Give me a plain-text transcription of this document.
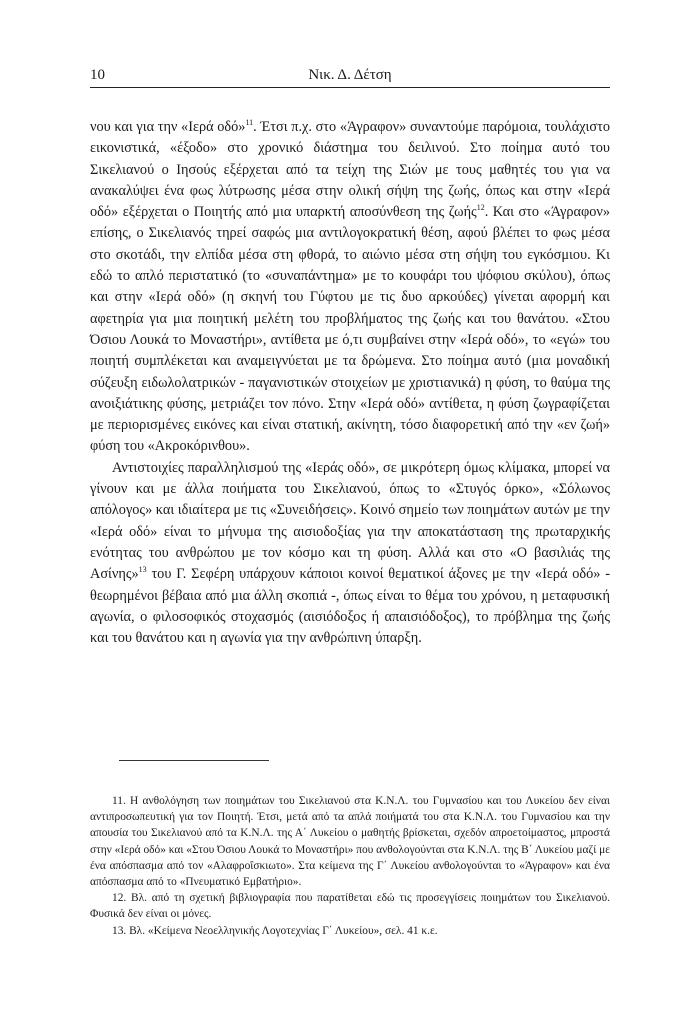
10	Νικ. Δ. Δέτση

νου και για την «Ιερά οδό»$^{11}$. Έτσι π.χ. στο «Άγραφον» συναντούμε παρόμοια, τουλάχιστο εικονιστικά, «έξοδο» στο χρονικό διάστημα του δειλινού. Στο ποίημα αυτό του Σικελιανού ο Ιησούς εξέρχεται από τα τείχη της Σιών με τους μαθητές του για να ανακαλύψει ένα φως λύτρωσης μέσα στην ολική σήψη της ζωής, όπως και στην «Ιερά οδό» εξέρχεται ο Ποιητής από μια υπαρκτή αποσύνθεση της ζωής$^{12}$. Και στο «Άγραφον» επίσης, ο Σικελιανός τηρεί σαφώς μια αντιλογοκρατική θέση, αφού βλέπει το φως μέσα στο σκοτάδι, την ελπίδα μέσα στη φθορά, το αιώνιο μέσα στη σήψη του εγκόσμιου. Κι εδώ το απλό περιστατικό (το «συναπάντημα» με το κουφάρι του ψόφιου σκύλου), όπως και στην «Ιερά οδό» (η σκηνή του Γύφτου με τις δυο αρκούδες) γίνεται αφορμή και αφετηρία για μια ποιητική μελέτη του προβλήματος της ζωής και του θανάτου. «Στου Όσιου Λουκά το Μοναστήρι», αντίθετα με ό,τι συμβαίνει στην «Ιερά οδό», το «εγώ» του ποιητή συμπλέκεται και αναμειγνύεται με τα δρώμενα. Στο ποίημα αυτό (μια μοναδική σύζευξη ειδωλολατρικών - παγανιστικών στοιχείων με χριστιανικά) η φύση, το θαύμα της ανοιξιάτικης φύσης, μετριάζει τον πόνο. Στην «Ιερά οδό» αντίθετα, η φύση ζωγραφίζεται με περιορισμένες εικόνες και είναι στατική, ακίνητη, τόσο διαφορετική από την «εν ζωή» φύση του «Ακροκόρινθου».

Αντιστοιχίες παραλληλισμού της «Ιεράς οδό», σε μικρότερη όμως κλίμακα, μπορεί να γίνουν και με άλλα ποιήματα του Σικελιανού, όπως το «Στυγός όρκο», «Σόλωνος απόλογος» και ιδιαίτερα με τις «Συνειδήσεις». Κοινό σημείο των ποιημάτων αυτών με την «Ιερά οδό» είναι το μήνυμα της αισιοδοξίας για την αποκατάσταση της πρωταρχικής ενότητας του ανθρώπου με τον κόσμο και τη φύση. Αλλά και στο «Ο βασιλιάς της Ασίνης»$^{13}$ του Γ. Σεφέρη υπάρχουν κάποιοι κοινοί θεματικοί άξονες με την «Ιερά οδό» - θεωρημένοι βέβαια από μια άλλη σκοπιά -, όπως είναι το θέμα του χρόνου, η μεταφυσική αγωνία, ο φιλοσοφικός στοχασμός (αισιόδοξος ή απαισιόδοξος), το πρόβλημα της ζωής και του θανάτου και η αγωνία για την ανθρώπινη ύπαρξη.

11. Η ανθολόγηση των ποιημάτων του Σικελιανού στα Κ.Ν.Λ. του Γυμνασίου και του Λυκείου δεν είναι αντιπροσωπευτική για τον Ποιητή. Έτσι, μετά από τα απλά ποιήματά του στα Κ.Ν.Λ. του Γυμνασίου και την απουσία του Σικελιανού από τα Κ.Ν.Λ. της Α΄ Λυκείου ο μαθητής βρίσκεται, σχεδόν απροετοίμαστος, μπροστά στην «Ιερά οδό» και «Στου Όσιου Λουκά το Μοναστήρι» που ανθολογούνται στα Κ.Ν.Λ. της Β΄ Λυκείου μαζί με ένα απόσπασμα από τον «Αλαφροΐσκιωτο». Στα κείμενα της Γ΄ Λυκείου ανθολογούνται το «Άγραφον» και ένα απόσπασμα από το «Πνευματικό Εμβατήριο».

12. Βλ. από τη σχετική βιβλιογραφία που παρατίθεται εδώ τις προσεγγίσεις ποιημάτων του Σικελιανού. Φυσικά δεν είναι οι μόνες.

13. Βλ. «Κείμενα Νεοελληνικής Λογοτεχνίας Γ΄ Λυκείου», σελ. 41 κ.ε.
